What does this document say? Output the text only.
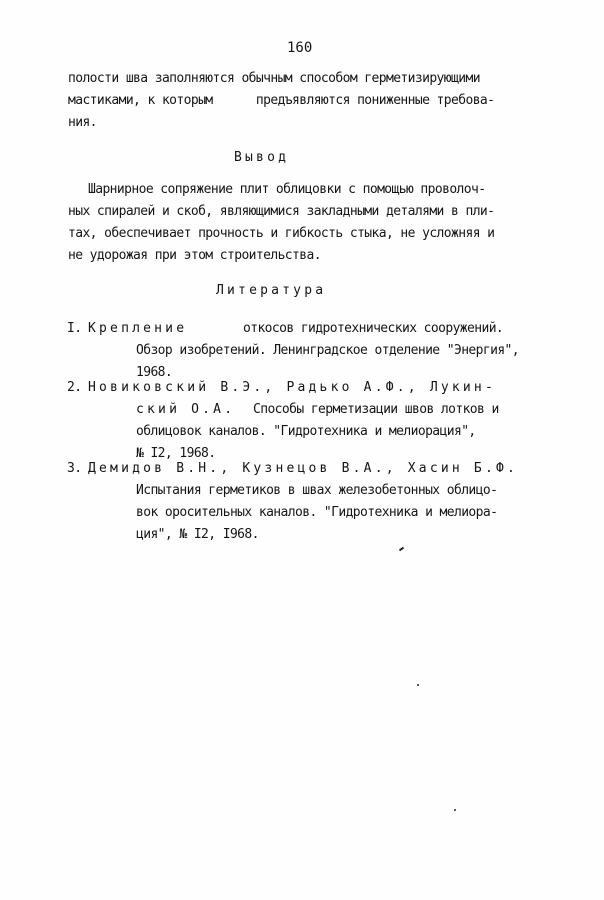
160
полости шва заполняются обычным способом герметизирующими
мастиками, к которым      предъявляются пониженные требова-
ния.
Вывод
Шарнирное сопряжение плит облицовки с помощью проволоч-
ных спиралей и скоб, являющимися закладными деталями в пли-
тах, обеспечивает прочность и гибкость стыка, не усложняя и
не удорожая при этом строительства.
Литература
I. Крепление	откосов гидротехнических сооружений.
Обзор изобретений. Ленинградское отделение "Энергия",
1968.
2. Новиковский В.Э., Радько А.Ф., Лукин-
ский О.А. Способы герметизации швов лотков и
облицовок каналов. "Гидротехника и мелиорация",
№ I2, 1968.
3. Демидов В.Н., Кузнецов В.А., Хасин Б.Ф.
Испытания герметиков в швах железобетонных облицо-
вок оросительных каналов. "Гидротехника и мелиора-
ция", № I2, I968.
